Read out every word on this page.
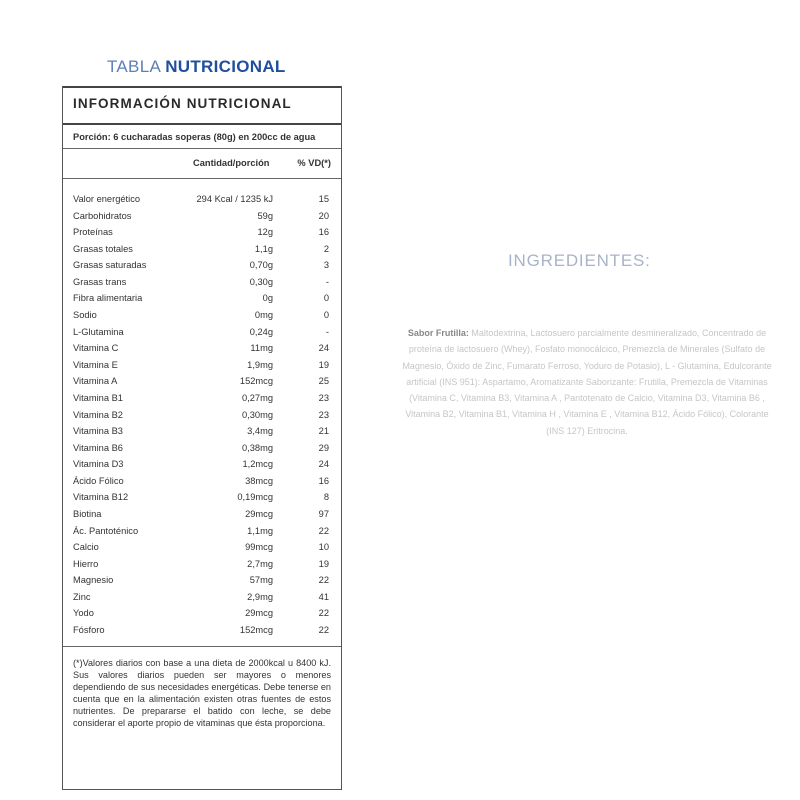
TABLA NUTRICIONAL
INFORMACIÓN NUTRICIONAL
Porción: 6 cucharadas soperas (80g) en 200cc de agua
Cantidad/porción	% VD(*)
Valor energético	294 Kcal / 1235 kJ	15
Carbohidratos	59g	20
Proteínas	12g	16
Grasas totales	1,1g	2
Grasas saturadas	0,70g	3
Grasas trans	0,30g	-
Fibra alimentaria	0g	0
Sodio	0mg	0
L-Glutamina	0,24g	-
Vitamina C	11mg	24
Vitamina E	1,9mg	19
Vitamina A	152mcg	25
Vitamina B1	0,27mg	23
Vitamina B2	0,30mg	23
Vitamina B3	3,4mg	21
Vitamina B6	0,38mg	29
Vitamina D3	1,2mcg	24
Ácido Fólico	38mcg	16
Vitamina B12	0,19mcg	8
Biotina	29mcg	97
Ác. Pantoténico	1,1mg	22
Calcio	99mcg	10
Hierro	2,7mg	19
Magnesio	57mg	22
Zinc	2,9mg	41
Yodo	29mcg	22
Fósforo	152mcg	22
(*)Valores diarios con base a una dieta de 2000kcal u 8400 kJ. Sus valores diarios pueden ser mayores o menores dependiendo de sus necesidades energéticas. Debe tenerse en cuenta que en la alimentación existen otras fuentes de estos nutrientes. De prepararse el batido con leche, se debe considerar el aporte propio de vitaminas que ésta proporciona.
INGREDIENTES:
Sabor Frutilla: Maltodextrina, Lactosuero parcialmente desmineralizado, Concentrado de proteína de lactosuero (Whey), Fosfato monocálcico, Premezcla de Minerales (Sulfato de Magnesio, Óxido de Zinc, Fumarato Ferroso, Yoduro de Potasio), L - Glutamina, Edulcorante artificial (INS 951): Aspartamo, Aromatizante Saborizante: Frutilla, Premezcla de Vitaminas (Vitamina C, Vitamina B3, Vitamina A , Pantotenato de Calcio, Vitamina D3, Vitamina B6 , Vitamina B2, Vitamina B1, Vitamina H , Vitamina E , Vitamina B12, Ácido Fólico), Colorante (INS 127) Eritrocina.
